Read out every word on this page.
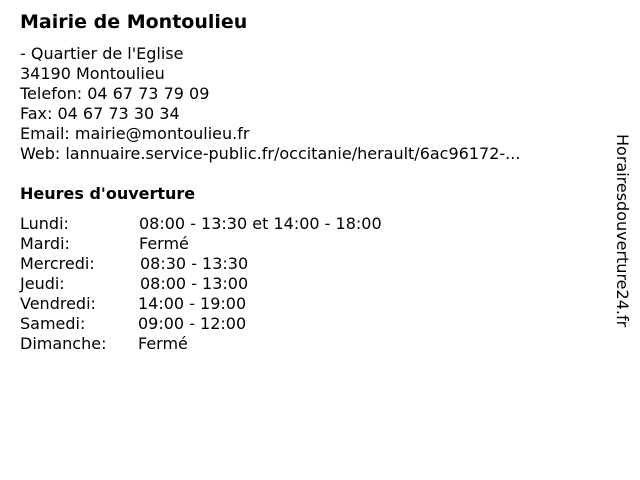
Mairie de Montoulieu
- Quartier de l'Eglise
34190 Montoulieu
Telefon: 04 67 73 79 09
Fax: 04 67 73 30 34
Email: mairie@montoulieu.fr
Web: lannuaire.service-public.fr/occitanie/herault/6ac96172-...
Heures d'ouverture
Lundi:	08:00 - 13:30 et 14:00 - 18:00
Mardi:	Fermé
Mercredi:	08:30 - 13:30
Jeudi:	08:00 - 13:00
Vendredi:	14:00 - 19:00
Samedi:	09:00 - 12:00
Dimanche: Fermé
Horairesdouverture24.fr
